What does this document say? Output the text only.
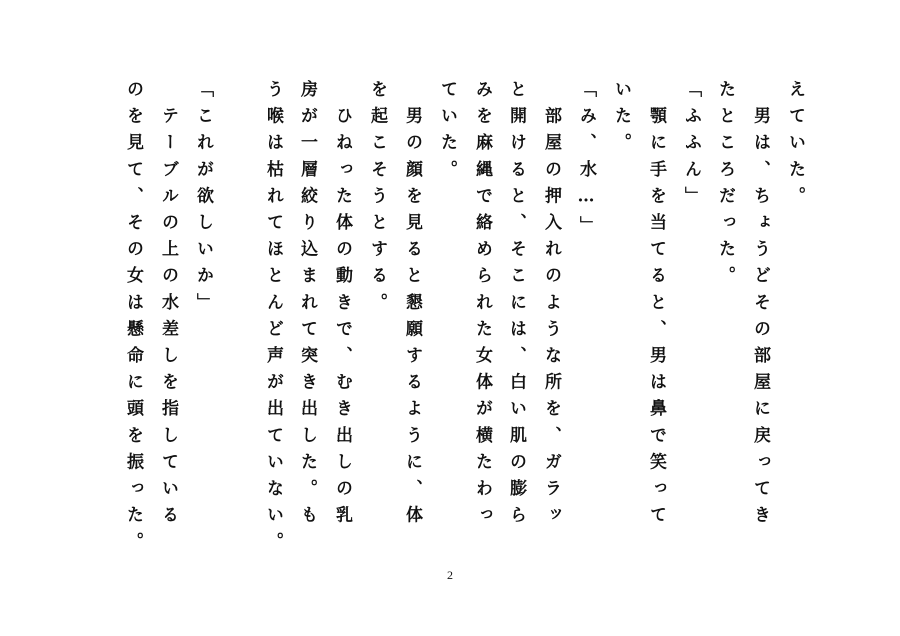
えていた。
　男は、ちょうどその部屋に戻ってき
たところだった。
「ふふん」
　顎に手を当てると、男は鼻で笑って
いた。
「み、水…」
　部屋の押入れのような所を、ガラッ
と開けると、そこには、白い肌の膨ら
みを麻縄で絡められた女体が横たわっ
ていた。
　男の顔を見ると懇願するように、体
を起こそうとする。
　ひねった体の動きで、むき出しの乳
房が一層絞り込まれて突き出した。も
う喉は枯れてほとんど声が出ていない。
「これが欲しいか」
　テーブルの上の水差しを指している
のを見て、その女は懸命に頭を振った。
2
